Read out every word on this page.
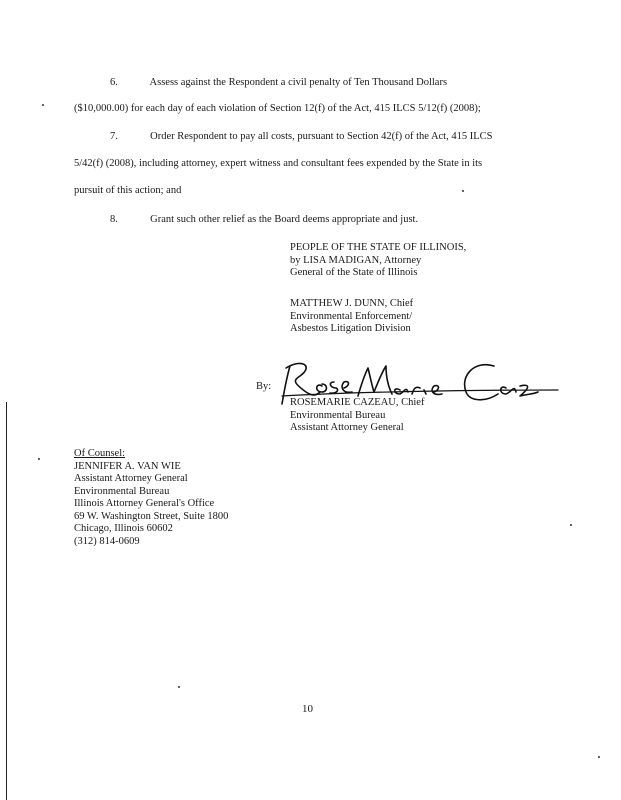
6.	Assess against the Respondent a civil penalty of Ten Thousand Dollars
($10,000.00) for each day of each violation of Section 12(f) of the Act, 415 ILCS 5/12(f) (2008);
7.	Order Respondent to pay all costs, pursuant to Section 42(f) of the Act, 415 ILCS
5/42(f) (2008), including attorney, expert witness and consultant fees expended by the State in its
pursuit of this action; and
8.	Grant such other relief as the Board deems appropriate and just.
PEOPLE OF THE STATE OF ILLINOIS,
by LISA MADIGAN, Attorney
General of the State of Illinois
MATTHEW J. DUNN, Chief
Environmental Enforcement/
Asbestos Litigation Division
By:
ROSEMARIE CAZEAU, Chief
Environmental Bureau
Assistant Attorney General
Of Counsel:
JENNIFER A. VAN WIE
Assistant Attorney General
Environmental Bureau
Illinois Attorney General's Office
69 W. Washington Street, Suite 1800
Chicago, Illinois 60602
(312) 814-0609
10
